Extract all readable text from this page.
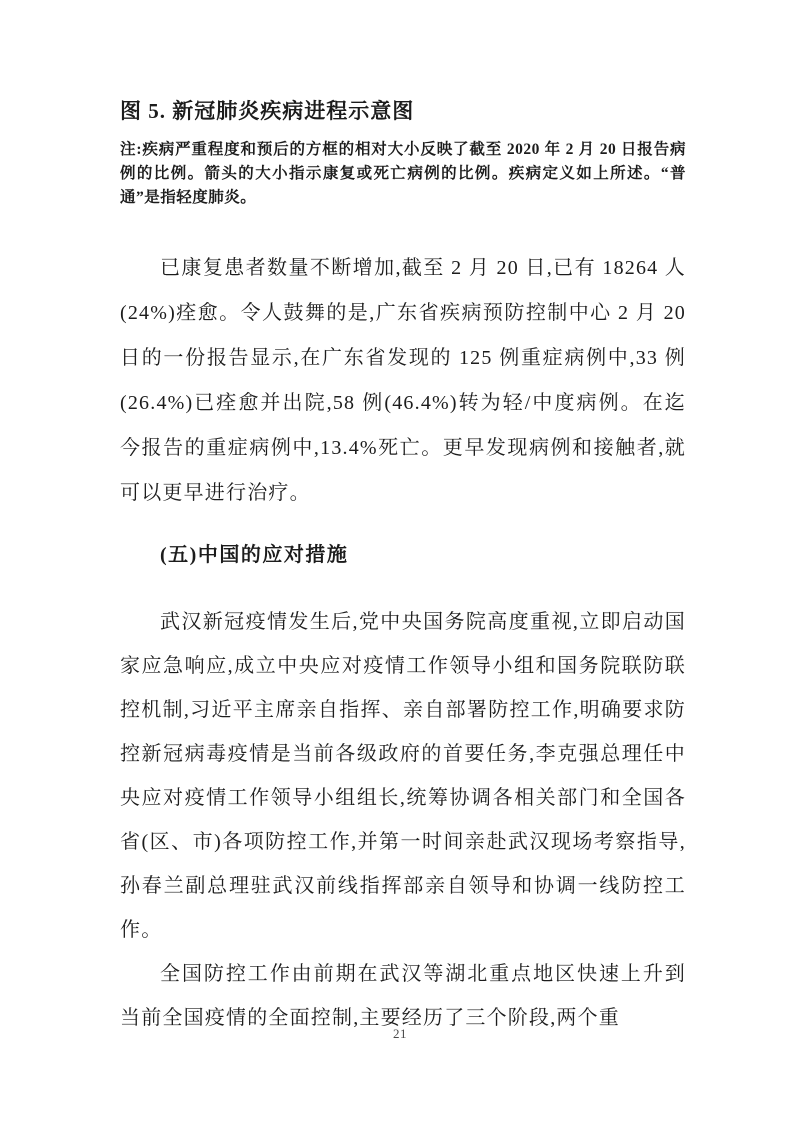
图 5. 新冠肺炎疾病进程示意图

注:疾病严重程度和预后的方框的相对大小反映了截至 2020 年 2 月 20 日报告病例的比例。箭头的大小指示康复或死亡病例的比例。疾病定义如上所述。“普通”是指轻度肺炎。

已康复患者数量不断增加,截至 2 月 20 日,已有 18264 人(24%)痊愈。令人鼓舞的是,广东省疾病预防控制中心 2 月 20 日的一份报告显示,在广东省发现的 125 例重症病例中,33 例(26.4%)已痊愈并出院,58 例(46.4%)转为轻/中度病例。在迄今报告的重症病例中,13.4%死亡。更早发现病例和接触者,就可以更早进行治疗。

(五)中国的应对措施

武汉新冠疫情发生后,党中央国务院高度重视,立即启动国家应急响应,成立中央应对疫情工作领导小组和国务院联防联控机制,习近平主席亲自指挥、亲自部署防控工作,明确要求防控新冠病毒疫情是当前各级政府的首要任务,李克强总理任中央应对疫情工作领导小组组长,统筹协调各相关部门和全国各省(区、市)各项防控工作,并第一时间亲赴武汉现场考察指导,孙春兰副总理驻武汉前线指挥部亲自领导和协调一线防控工作。

全国防控工作由前期在武汉等湖北重点地区快速上升到当前全国疫情的全面控制,主要经历了三个阶段,两个重

21
